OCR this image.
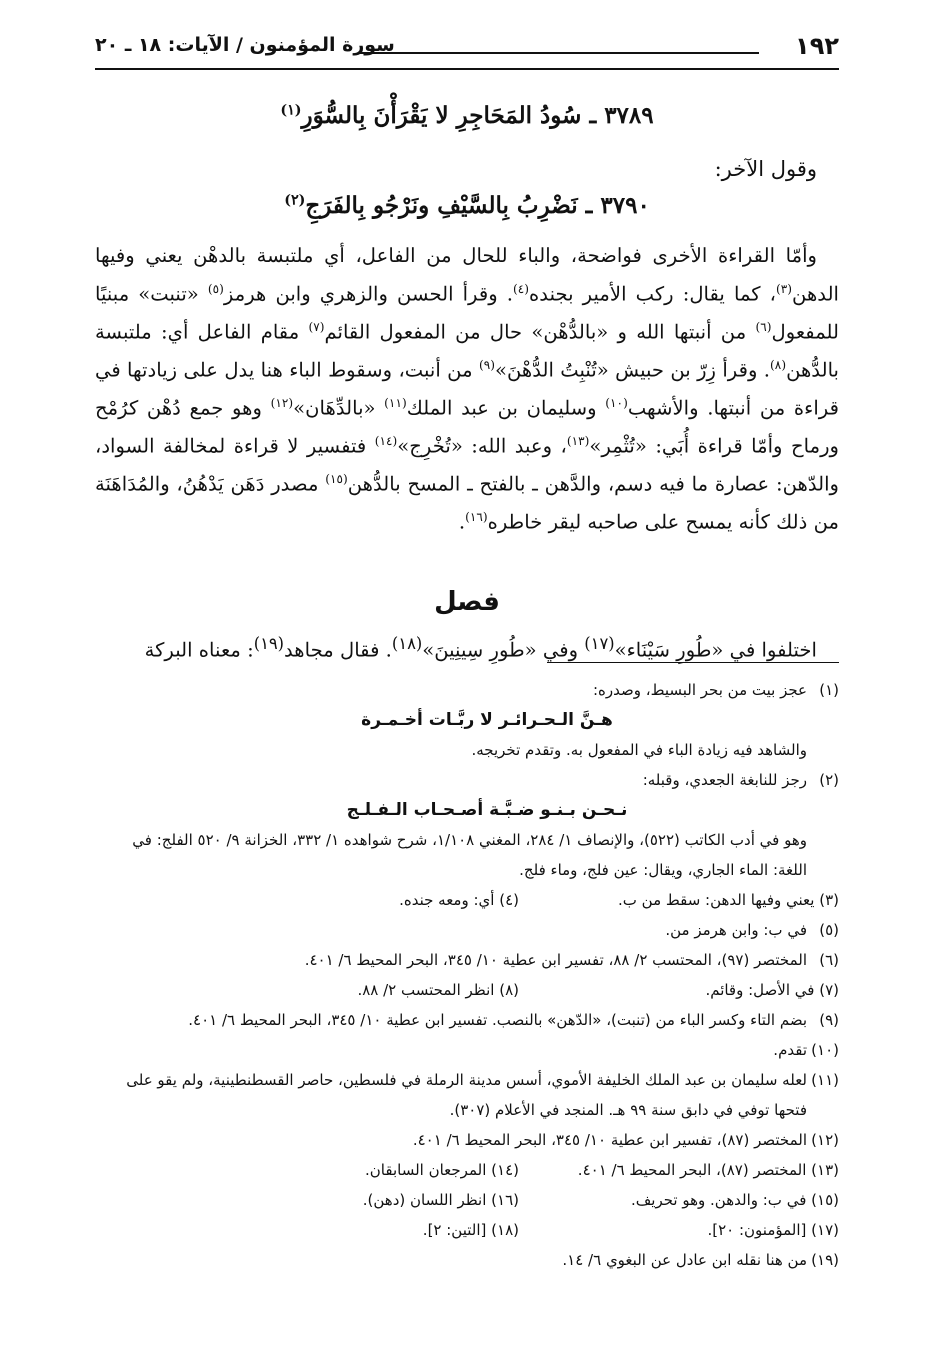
١٩٢
سورة المؤمنون / الآيات: ١٨ ـ ٢٠
٣٧٨٩ ـ سُودُ المَحَاجِرِ لا يَقْرَأْنَ بِالسُّوَرِ$^{(١)}$
وقول الآخر:
٣٧٩٠ ـ نَضْرِبُ بِالسَّيْفِ ونَرْجُو بِالفَرَجِ$^{(٢)}$

وأمّا القراءة الأخرى فواضحة، والباء للحال من الفاعل، أي ملتبسة بالدهْن يعني وفيها الدهن$^{(٣)}$، كما يقال: ركب الأمير بجنده$^{(٤)}$. وقرأ الحسن والزهري وابن هرمز$^{(٥)}$ «تنبت» مبنيًا للمفعول$^{(٦)}$ من أنبتها الله و «بالدُّهْن» حال من المفعول القائم$^{(٧)}$ مقام الفاعل أي: ملتبسة بالدُّهن$^{(٨)}$. وقرأ زِرّ بن حبيش «تُنْبِتُ الدُّهْنَ»$^{(٩)}$ من أنبت، وسقوط الباء هنا يدل على زيادتها في قراءة من أنبتها. والأشهب$^{(١٠)}$ وسليمان بن عبد الملك$^{(١١)}$ «بالدِّهَان»$^{(١٢)}$ وهو جمع دُهْن كرُمْح ورماح وأمّا قراءة أُبَي: «تُثْمِر»$^{(١٣)}$، وعبد الله: «تُخْرِج»$^{(١٤)}$ فتفسير لا قراءة لمخالفة السواد، والدّهن: عصارة ما فيه دسم، والدَّهن ـ بالفتح ـ المسح بالدُّهن$^{(١٥)}$ مصدر دَهَن يَدْهُنُ، والمُدَاهَنَة من ذلك كأنه يمسح على صاحبه ليقر خاطره$^{(١٦)}$.

فصل
اختلفوا في «طُورِ سَيْنَاء»$^{(١٧)}$ وفي «طُورِ سِينِينَ»$^{(١٨)}$. فقال مجاهد$^{(١٩)}$: معناه البركة

(١)عجز بيت من بحر البسيط، وصدره:

هـنَّ الـحـرائـر لا ربَّـات أخـمـرة

والشاهد فيه زيادة الباء في المفعول به. وتقدم تخريجه.

(٢)رجز للنابغة الجعدي، وقبله:

نـحـن بـنـو ضـبَّـة أصـحـاب الـفـلـج

وهو في أدب الكاتب (٥٢٢)، والإنصاف ١/ ٢٨٤، المغني ١/١٠٨، شرح شواهده ١/ ٣٣٢، الخزانة ٩/ ٥٢٠ الفلج: في اللغة: الماء الجاري، ويقال: عين فلج، وماء فلج.

(٣) يعني وفيها الدهن: سقط من ب.
(٤) أي: ومعه جنده.

(٥)في ب: وابن هرمز من.

(٦)المختصر (٩٧)، المحتسب ٢/ ٨٨، تفسير ابن عطية ١٠/ ٣٤٥، البحر المحيط ٦/ ٤٠١.

(٧) في الأصل: وقائم.
(٨) انظر المحتسب ٢/ ٨٨.

(٩)بضم التاء وكسر الباء من (تنبت)، «الدّهن» بالنصب. تفسير ابن عطية ١٠/ ٣٤٥، البحر المحيط ٦/ ٤٠١.

(١٠)تقدم.

(١١)لعله سليمان بن عبد الملك الخليفة الأموي، أسس مدينة الرملة في فلسطين، حاصر القسطنطينية، ولم يقو على فتحها توفي في دابق سنة ٩٩ هـ. المنجد في الأعلام (٣٠٧).

(١٢)المختصر (٨٧)، تفسير ابن عطية ١٠/ ٣٤٥، البحر المحيط ٦/ ٤٠١.

(١٣) المختصر (٨٧)، البحر المحيط ٦/ ٤٠١.
(١٤) المرجعان السابقان.
(١٥) في ب: والدهن. وهو تحريف.
(١٦) انظر اللسان (دهن).
(١٧) [المؤمنون: ٢٠].
(١٨) [التين: ٢].

(١٩)من هنا نقله ابن عادل عن البغوي ٦/ ١٤.
